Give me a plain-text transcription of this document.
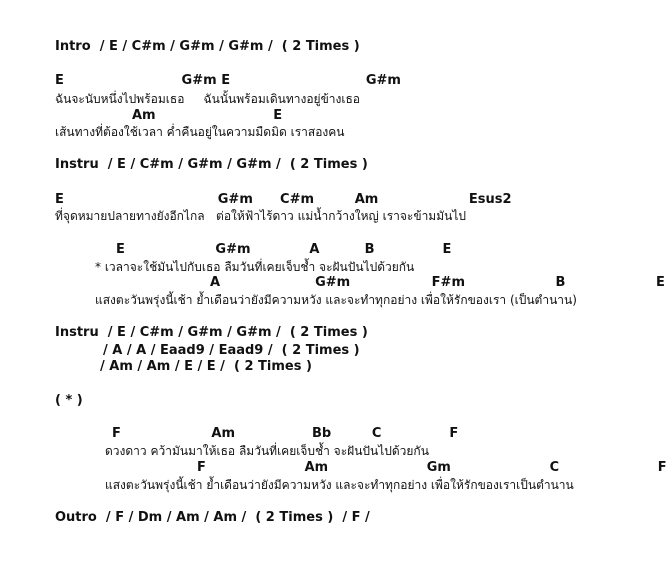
Intro  / E / C#m / G#m / G#m /  ( 2 Times )
E                          G#m E                              G#m
ฉันจะนับหนึ่งไปพร้อมเธอ     ฉันนั้นพร้อมเดินทางอยู่ข้างเธอ
Am                          E
เส้นทางที่ต้องใช้เวลา ค่ำคืนอยู่ในความมืดมิด เราสองคน
Instru  / E / C#m / G#m / G#m /  ( 2 Times )
E                                  G#m      C#m         Am                    Esus2
ที่จุดหมายปลายทางยังอีกไกล   ต่อให้ฟ้าไร้ดาว แม่น้ำกว้างใหญ่ เราจะข้ามมันไป
E                    G#m             A          B               E
* เวลาจะใช้มันไปกับเธอ ลืมวันที่เคยเจ็บช้ำ จะฝันปันไปด้วยกัน
A                     G#m                  F#m                    B                    E
แสงตะวันพรุ่งนี้เช้า ย้ำเดือนว่ายังมีความหวัง และจะทำทุกอย่าง เพื่อให้รักของเรา (เป็นตำนาน)
Instru  / E / C#m / G#m / G#m /  ( 2 Times )
/ A / A / Eaad9 / Eaad9 /  ( 2 Times )
/ Am / Am / E / E /  ( 2 Times )
( * )
F                    Am                 Bb         C               F
ดวงดาว คว้ามันมาให้เธอ ลืมวันที่เคยเจ็บช้ำ จะฝันปันไปด้วยกัน
F                      Am                      Gm                      C                      F
แสงตะวันพรุ่งนี้เช้า ย้ำเดือนว่ายังมีความหวัง และจะทำทุกอย่าง เพื่อให้รักของเราเป็นตำนาน
Outro  / F / Dm / Am / Am /  ( 2 Times )  / F /
